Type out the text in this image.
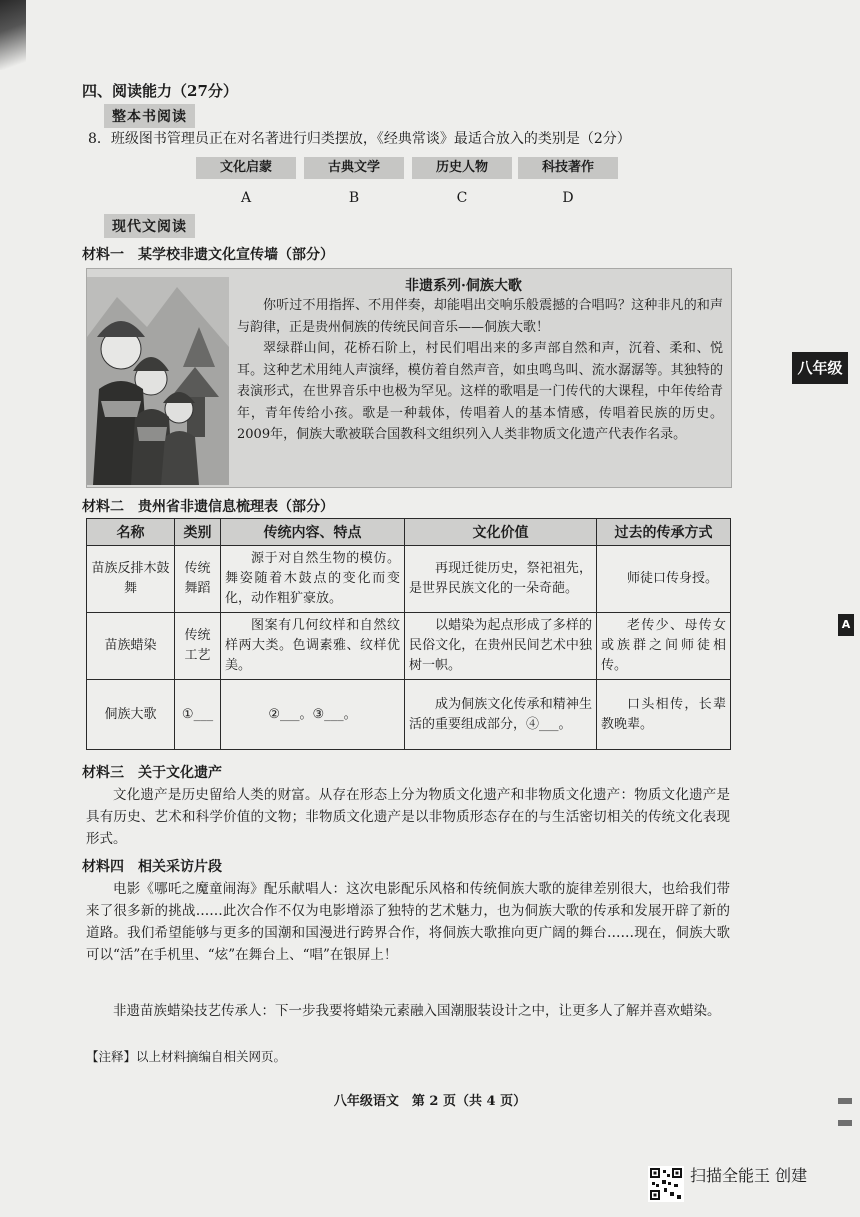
四、阅读能力（27分）
整本书阅读
8．班级图书管理员正在对名著进行归类摆放，《经典常谈》最适合放入的类别是（2分）
文化启蒙	古典文学	历史人物	科技著作
A	B	C	D
现代文阅读
材料一　某学校非遗文化宣传墙（部分）
非遗系列·侗族大歌
你听过不用指挥、不用伴奏，却能唱出交响乐般震撼的合唱吗？这种非凡的和声与韵律，正是贵州侗族的传统民间音乐——侗族大歌！
翠绿群山间，花桥石阶上，村民们唱出来的多声部自然和声，沉着、柔和、悦耳。这种艺术用纯人声演绎，模仿着自然声音，如虫鸣鸟叫、流水潺潺等。其独特的表演形式，在世界音乐中也极为罕见。这样的歌唱是一门传代的大课程，中年传给青年，青年传给小孩。歌是一种载体，传唱着人的基本情感，传唱着民族的历史。2009年，侗族大歌被联合国教科文组织列入人类非物质文化遗产代表作名录。
八年级
A
材料二　贵州省非遗信息梳理表（部分）
名称	类别	传统内容、特点	文化价值	过去的传承方式
苗族反排木鼓舞	传统舞蹈	源于对自然生物的模仿。舞姿随着木鼓点的变化而变化，动作粗犷豪放。	再现迁徙历史，祭祀祖先，是世界民族文化的一朵奇葩。	师徒口传身授。
苗族蜡染	传统工艺	图案有几何纹样和自然纹样两大类。色调素雅、纹样优美。	以蜡染为起点形成了多样的民俗文化，在贵州民间艺术中独树一帜。	老传少、母传女或族群之间师徒相传。
侗族大歌	①___	②___。③___。	成为侗族文化传承和精神生活的重要组成部分，④___。	口头相传，长辈教晚辈。
材料三　关于文化遗产
文化遗产是历史留给人类的财富。从存在形态上分为物质文化遗产和非物质文化遗产：物质文化遗产是具有历史、艺术和科学价值的文物；非物质文化遗产是以非物质形态存在的与生活密切相关的传统文化表现形式。
材料四　相关采访片段
电影《哪吒之魔童闹海》配乐献唱人：这次电影配乐风格和传统侗族大歌的旋律差别很大，也给我们带来了很多新的挑战……此次合作不仅为电影增添了独特的艺术魅力，也为侗族大歌的传承和发展开辟了新的道路。我们希望能够与更多的国潮和国漫进行跨界合作，将侗族大歌推向更广阔的舞台……现在，侗族大歌可以“活”在手机里、“炫”在舞台上、“唱”在银屏上！
非遗苗族蜡染技艺传承人：下一步我要将蜡染元素融入国潮服装设计之中，让更多人了解并喜欢蜡染。
【注释】以上材料摘编自相关网页。
八年级语文　第 2 页（共 4 页）
扫描全能王 创建
